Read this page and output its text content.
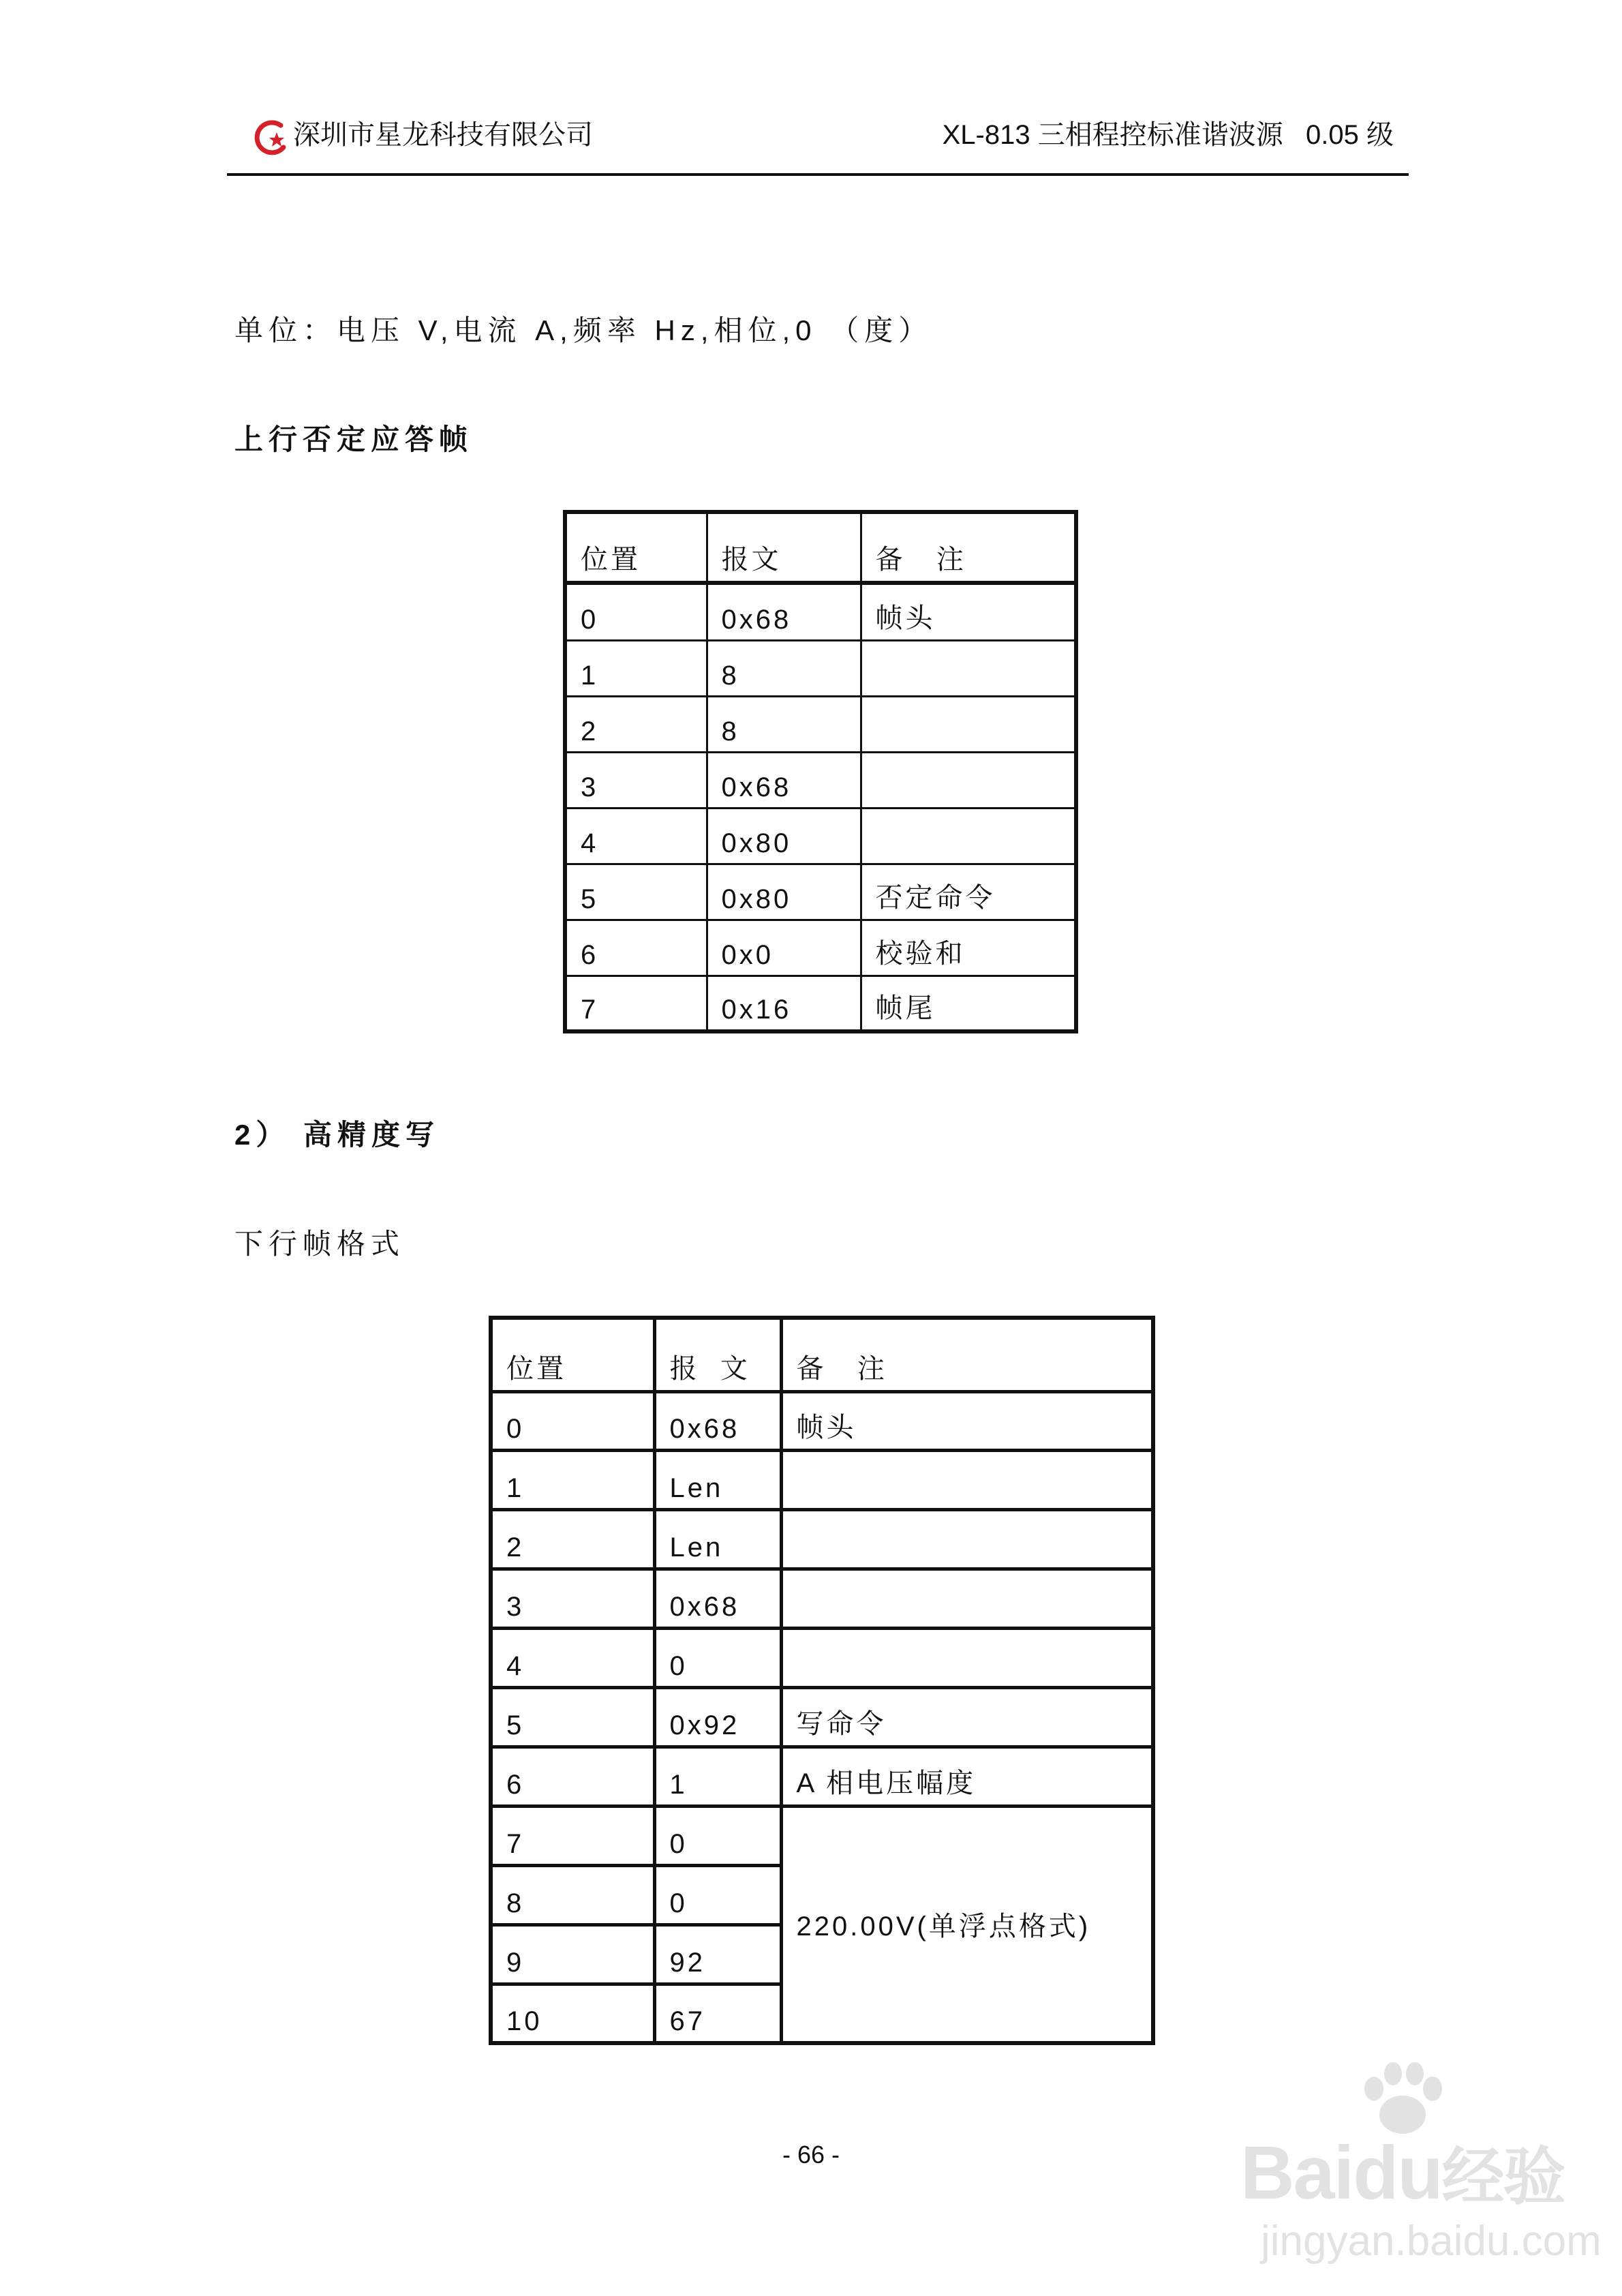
深圳市星龙科技有限公司	XL-813 三相程控标准谐波源   0.05 级
单位：电压 V,电流 A,频率 Hz,相位,0 （度）
上行否定应答帧
位置	报文	备   注
0	0x68	帧头
1	8	
2	8	
3	0x68	
4	0x80	
5	0x80	否定命令
6	0x0	校验和
7	0x16	帧尾
2） 高精度写
下行帧格式
位置	报  文	备   注
0	0x68	帧头
1	Len	
2	Len	
3	0x68	
4	0	
5	0x92	写命令
6	1	A 相电压幅度
7	0	220.00V(单浮点格式)
8	0	
9	92	
10	67	
- 66 -	Baidu经验
jingyan.baidu.com
